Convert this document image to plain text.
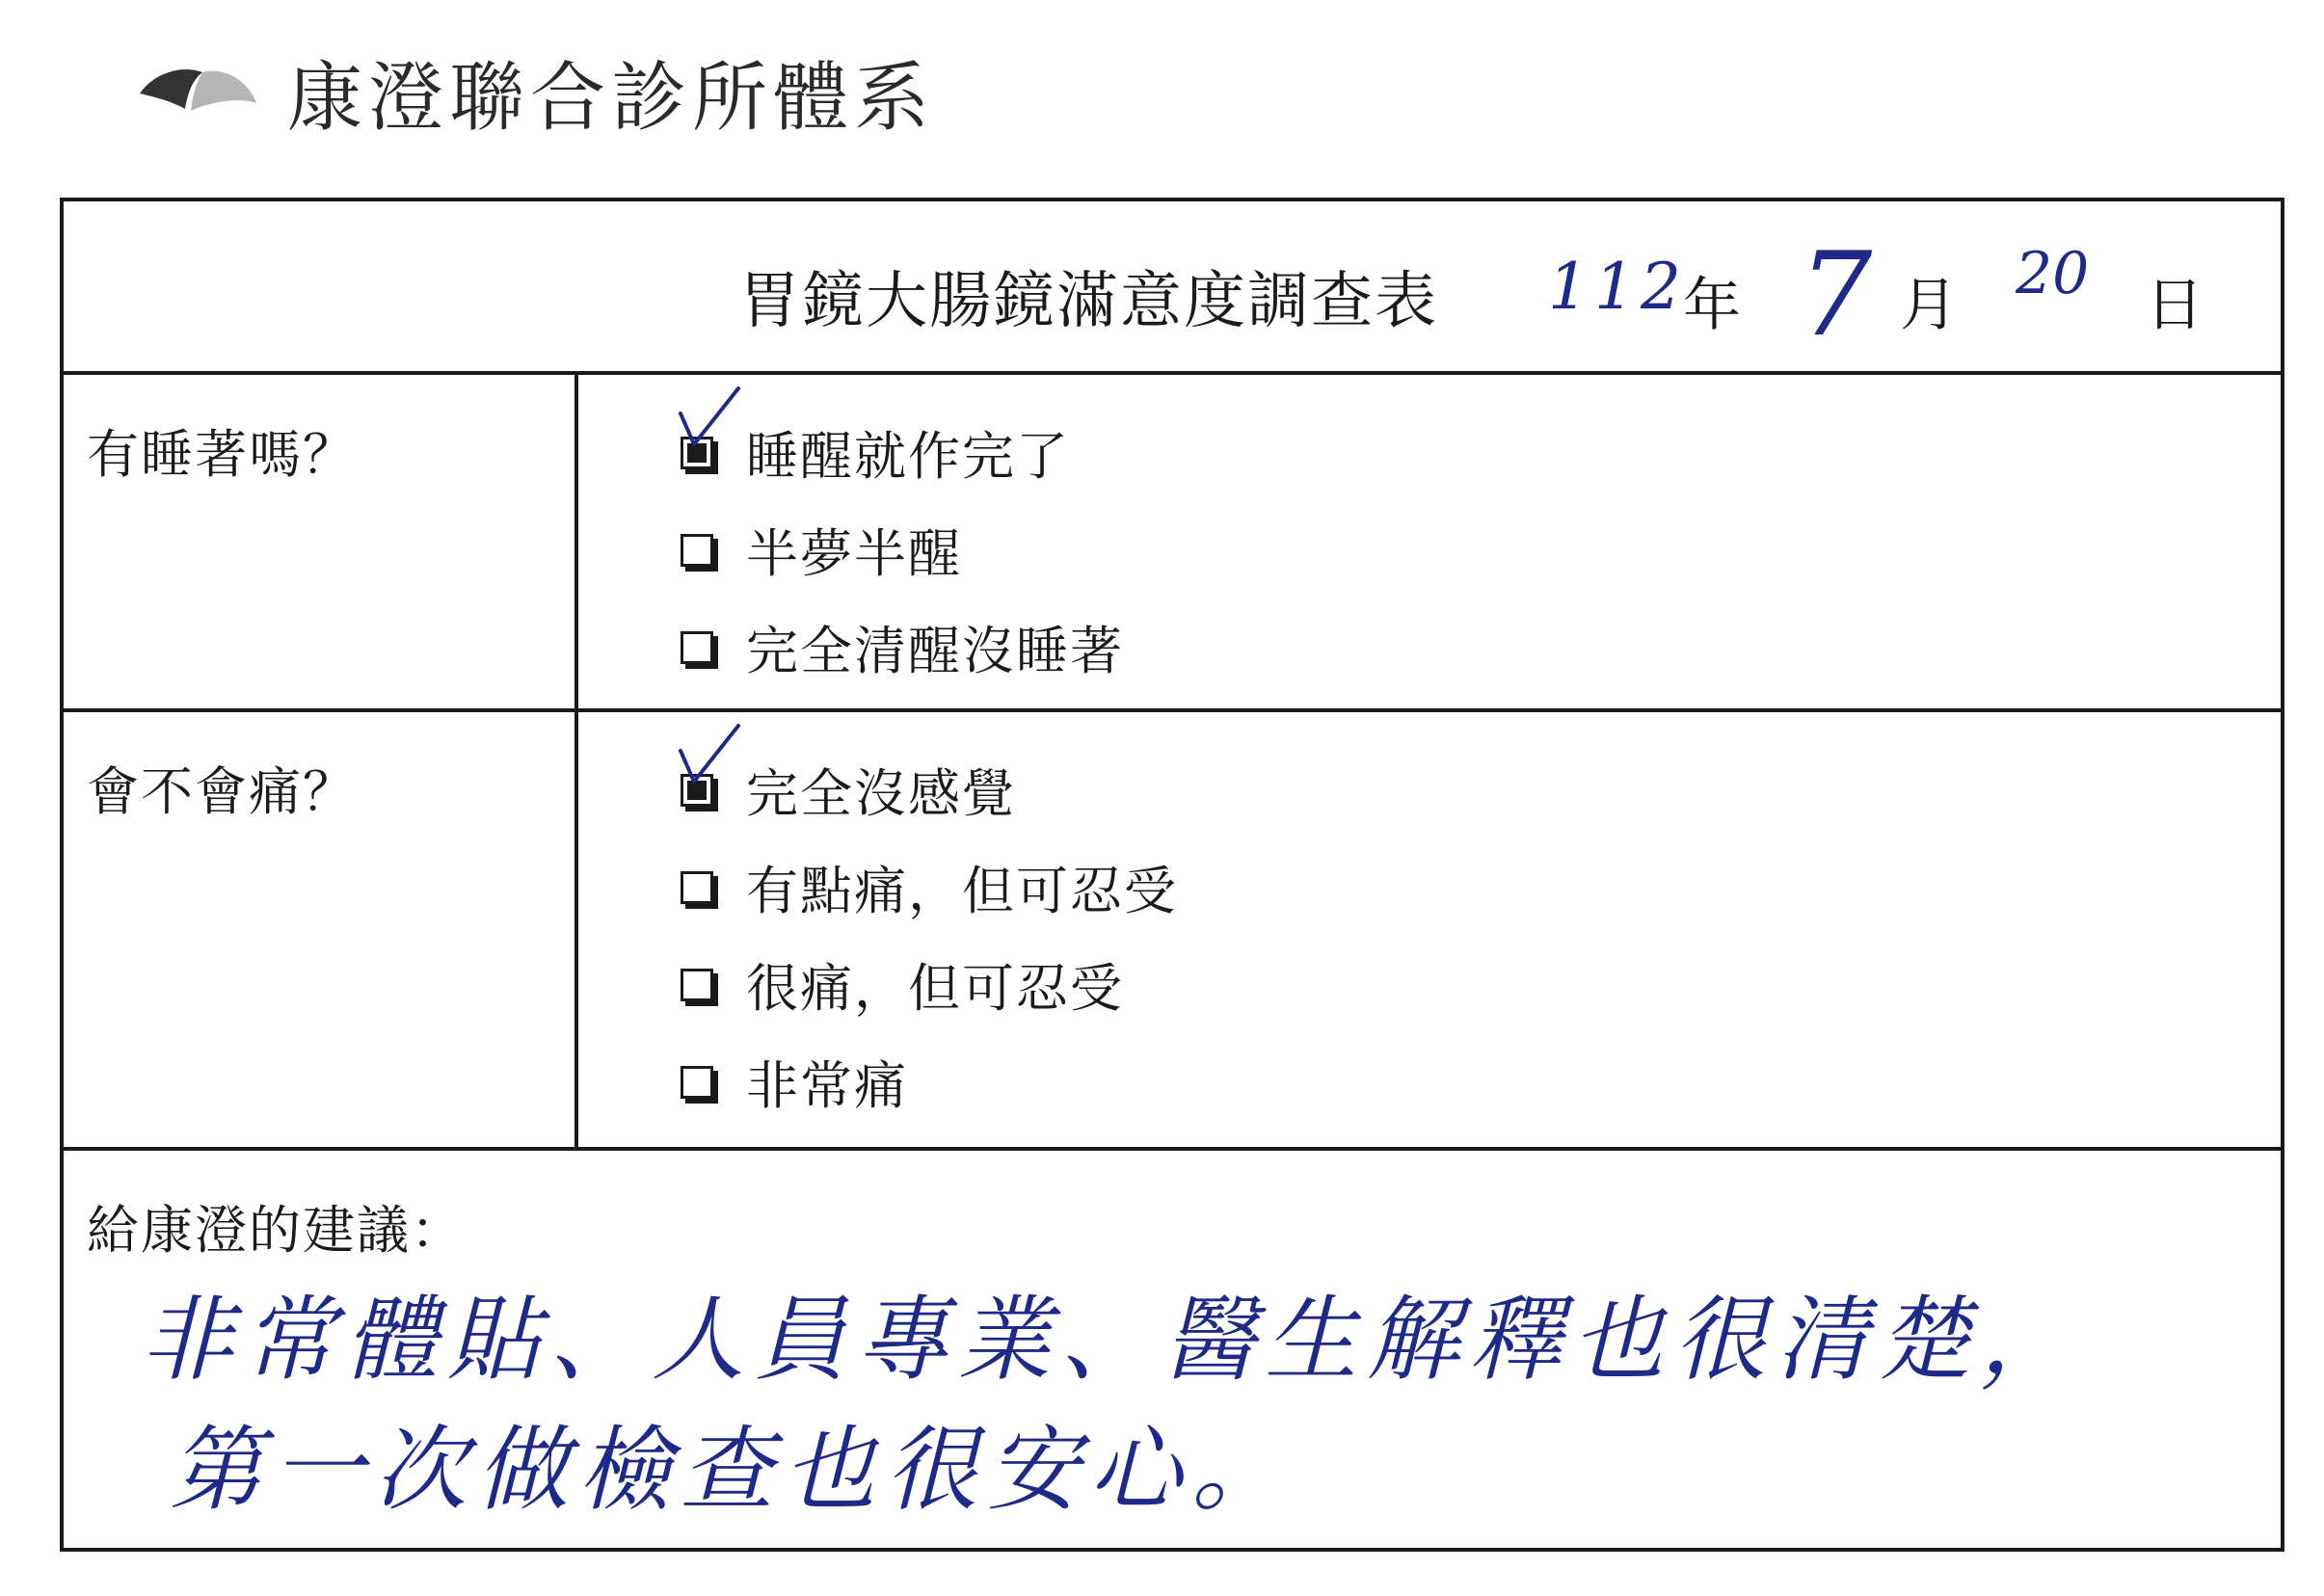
康澄聯合診所體系
胃鏡大腸鏡滿意度調查表 112
年 7 月 20 日
有睡著嗎？	睡醒就作完了
半夢半醒
完全清醒沒睡著
會不會痛？	完全沒感覺
有點痛，但可忍受
很痛，但可忍受
非常痛
給康澄的建議：
非常體貼、人員專業、醫生解釋也很清楚，
第一次做檢查也很安心。
